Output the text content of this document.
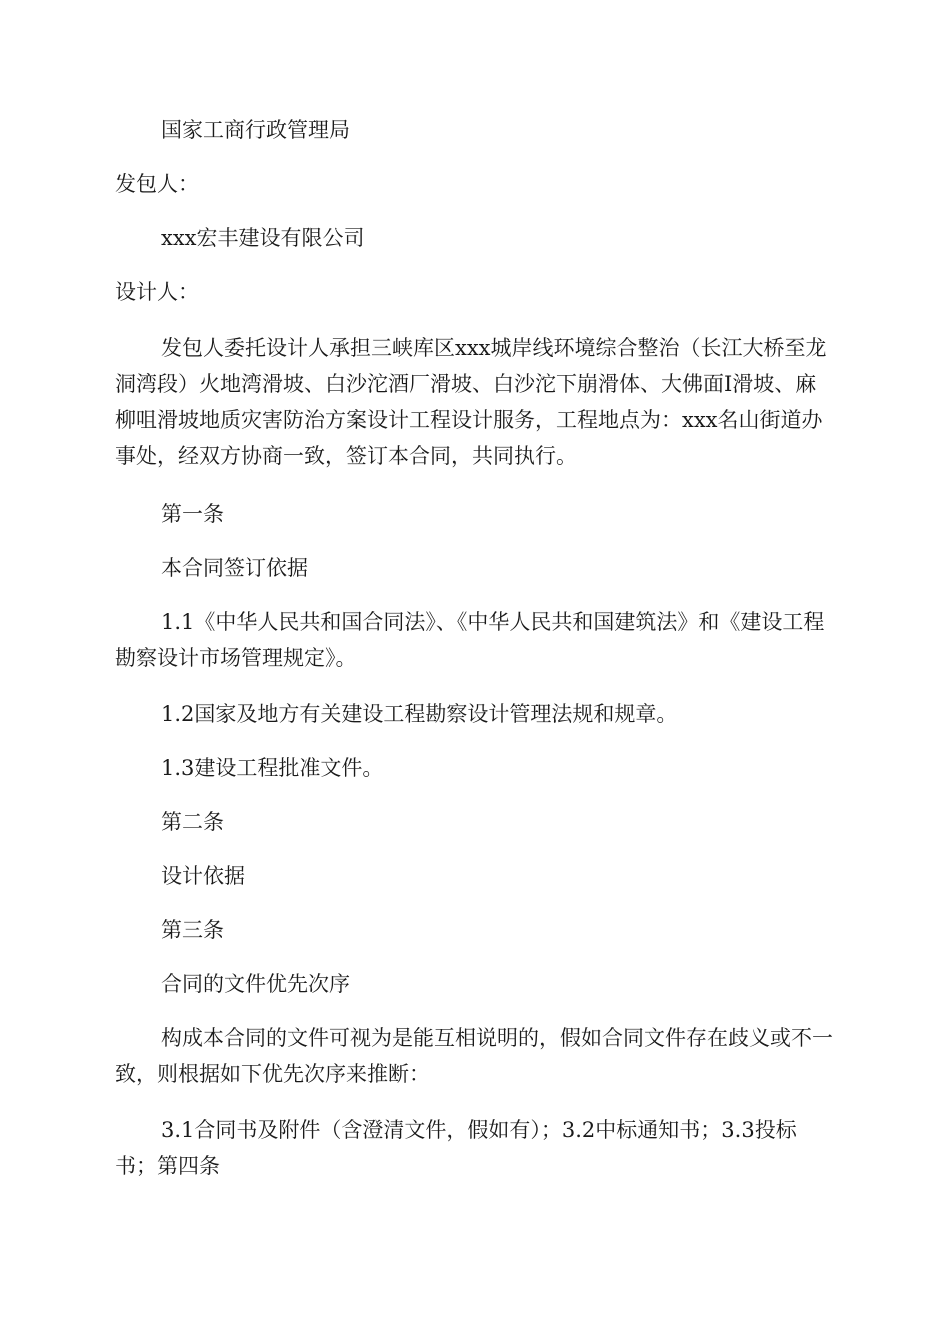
国家工商行政管理局

发包人：

xxx宏丰建设有限公司

设计人：

发包人委托设计人承担三峡库区xxx城岸线环境综合整治（长江大桥至龙洞湾段）火地湾滑坡、白沙沱酒厂滑坡、白沙沱下崩滑体、大佛面Ⅰ滑坡、麻柳咀滑坡地质灾害防治方案设计工程设计服务，工程地点为：xxx名山街道办事处，经双方协商一致，签订本合同，共同执行。

第一条

本合同签订依据

1.1《中华人民共和国合同法》、《中华人民共和国建筑法》和《建设工程勘察设计市场管理规定》。

1.2国家及地方有关建设工程勘察设计管理法规和规章。

1.3建设工程批准文件。

第二条

设计依据

第三条

合同的文件优先次序

构成本合同的文件可视为是能互相说明的，假如合同文件存在歧义或不一致，则根据如下优先次序来推断：

3.1合同书及附件（含澄清文件，假如有）；3.2中标通知书；3.3投标书；第四条
